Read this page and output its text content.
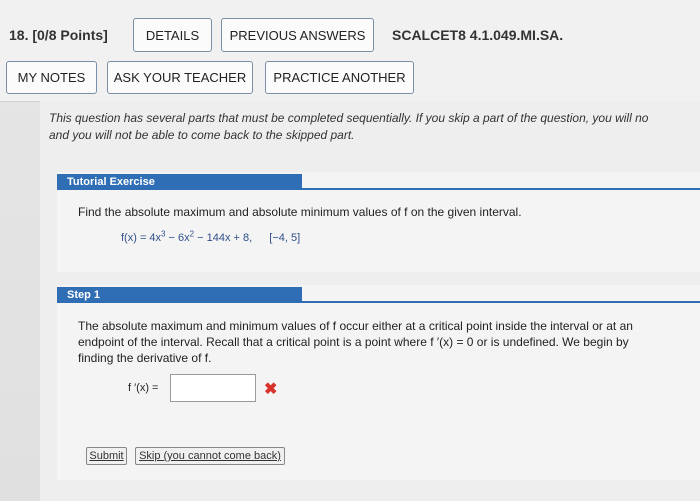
18. [0/8 Points]	DETAILS	PREVIOUS ANSWERS	SCALCET8 4.1.049.MI.SA.
MY NOTES	ASK YOUR TEACHER	PRACTICE ANOTHER
This question has several parts that must be completed sequentially. If you skip a part of the question, you will no
and you will not be able to come back to the skipped part.
Tutorial Exercise
Find the absolute maximum and absolute minimum values of f on the given interval.
$f(x) = 4x^3 - 6x^2 - 144x + 8$, [−4, 5]
Step 1
The absolute maximum and minimum values of f occur either at a critical point inside the interval or at an
endpoint of the interval. Recall that a critical point is a point where f ′(x) = 0 or is undefined. We begin by
finding the derivative of f.
f ′(x) =	✖
Submit	Skip (you cannot come back)
